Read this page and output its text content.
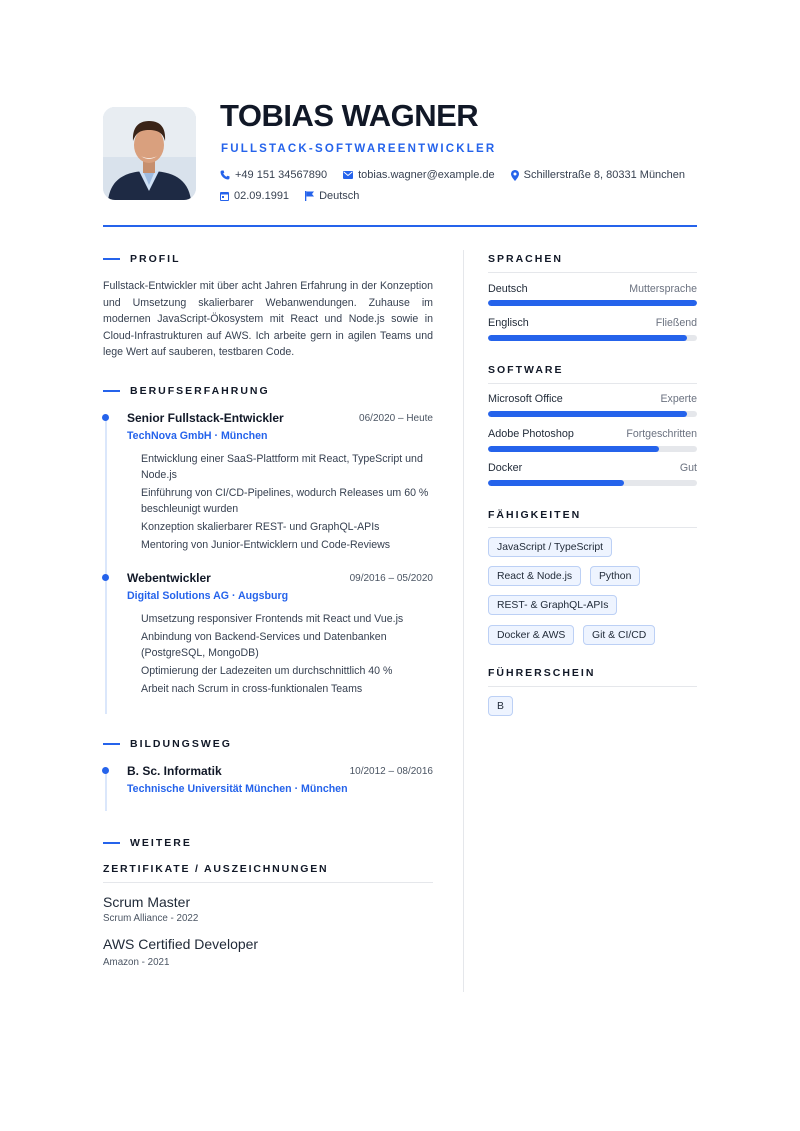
TOBIAS WAGNER
FULLSTACK-SOFTWAREENTWICKLER
+49 151 34567890	tobias.wagner@example.de	Schillerstraße 8, 80331 München
02.09.1991	Deutsch
PROFIL

Fullstack-Entwickler mit über acht Jahren Erfahrung in der Konzeption und Umsetzung skalierbarer Webanwendungen. Zuhause im modernen JavaScript-Ökosystem mit React und Node.js sowie in Cloud-Infrastrukturen auf AWS. Ich arbeite gern in agilen Teams und lege Wert auf sauberen, testbaren Code.

BERUFSERFAHRUNG
Senior Fullstack-Entwickler	06/2020 – Heute
TechNova GmbH · München
Entwicklung einer SaaS-Plattform mit React, TypeScript und Node.js
Einführung von CI/CD-Pipelines, wodurch Releases um 60 % beschleunigt wurden
Konzeption skalierbarer REST- und GraphQL-APIs
Mentoring von Junior-Entwicklern und Code-Reviews
Webentwickler	09/2016 – 05/2020
Digital Solutions AG · Augsburg
Umsetzung responsiver Frontends mit React und Vue.js
Anbindung von Backend-Services und Datenbanken (PostgreSQL, MongoDB)
Optimierung der Ladezeiten um durchschnittlich 40 %
Arbeit nach Scrum in cross-funktionalen Teams
BILDUNGSWEG
B. Sc. Informatik	10/2012 – 08/2016
Technische Universität München · München
WEITERE
ZERTIFIKATE / AUSZEICHNUNGEN
Scrum Master
Scrum Alliance - 2022
AWS Certified Developer
Amazon - 2021
SPRACHEN
Deutsch	Muttersprache
Englisch	Fließend
SOFTWARE
Microsoft Office	Experte
Adobe Photoshop	Fortgeschritten
Docker	Gut
FÄHIGKEITEN
JavaScript / TypeScript
React & Node.js	Python
REST- & GraphQL-APIs
Docker & AWS	Git & CI/CD
FÜHRERSCHEIN
B
